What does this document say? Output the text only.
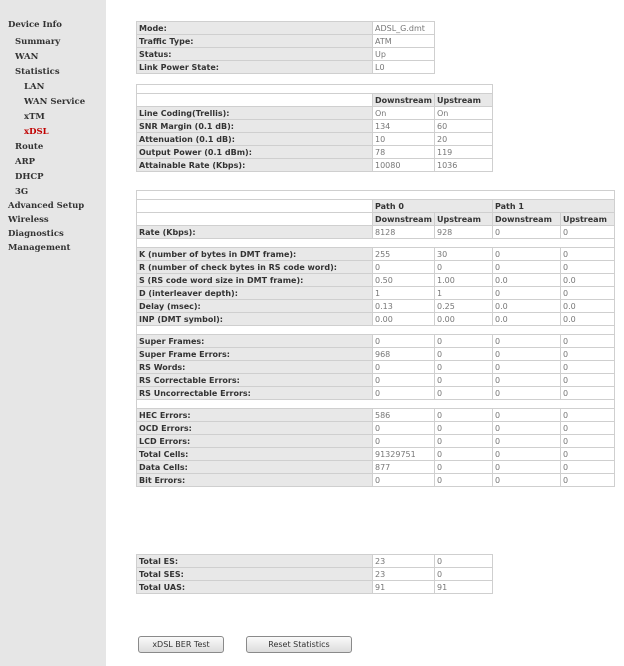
Device Info
Summary
WAN
Statistics
LAN
WAN Service
xTM
xDSL
Route
ARP
DHCP
3G
Advanced Setup
Wireless
Diagnostics
Management
Mode:	ADSL_G.dmt
Traffic Type:	ATM
Status:	Up
Link Power State:	L0

	Downstream	Upstream
Line Coding(Trellis):	On	On
SNR Margin (0.1 dB):	134	60
Attenuation (0.1 dB):	10	20
Output Power (0.1 dBm):	78	119
Attainable Rate (Kbps):	10080	1036

	Path 0		Path 1	
	Downstream	Upstream	Downstream	Upstream
Rate (Kbps):	8128	928	0	0

K (number of bytes in DMT frame):	255	30	0	0
R (number of check bytes in RS code word):	0	0	0	0
S (RS code word size in DMT frame):	0.50	1.00	0.0	0.0
D (interleaver depth):	1	1	0	0
Delay (msec):	0.13	0.25	0.0	0.0
INP (DMT symbol):	0.00	0.00	0.0	0.0

Super Frames:	0	0	0	0
Super Frame Errors:	968	0	0	0
RS Words:	0	0	0	0
RS Correctable Errors:	0	0	0	0
RS Uncorrectable Errors:	0	0	0	0

HEC Errors:	586	0	0	0
OCD Errors:	0	0	0	0
LCD Errors:	0	0	0	0
Total Cells:	91329751	0	0	0
Data Cells:	877	0	0	0
Bit Errors:	0	0	0	0
Total ES:	23	0
Total SES:	23	0
Total UAS:	91	91
xDSL BER Test	Reset Statistics
